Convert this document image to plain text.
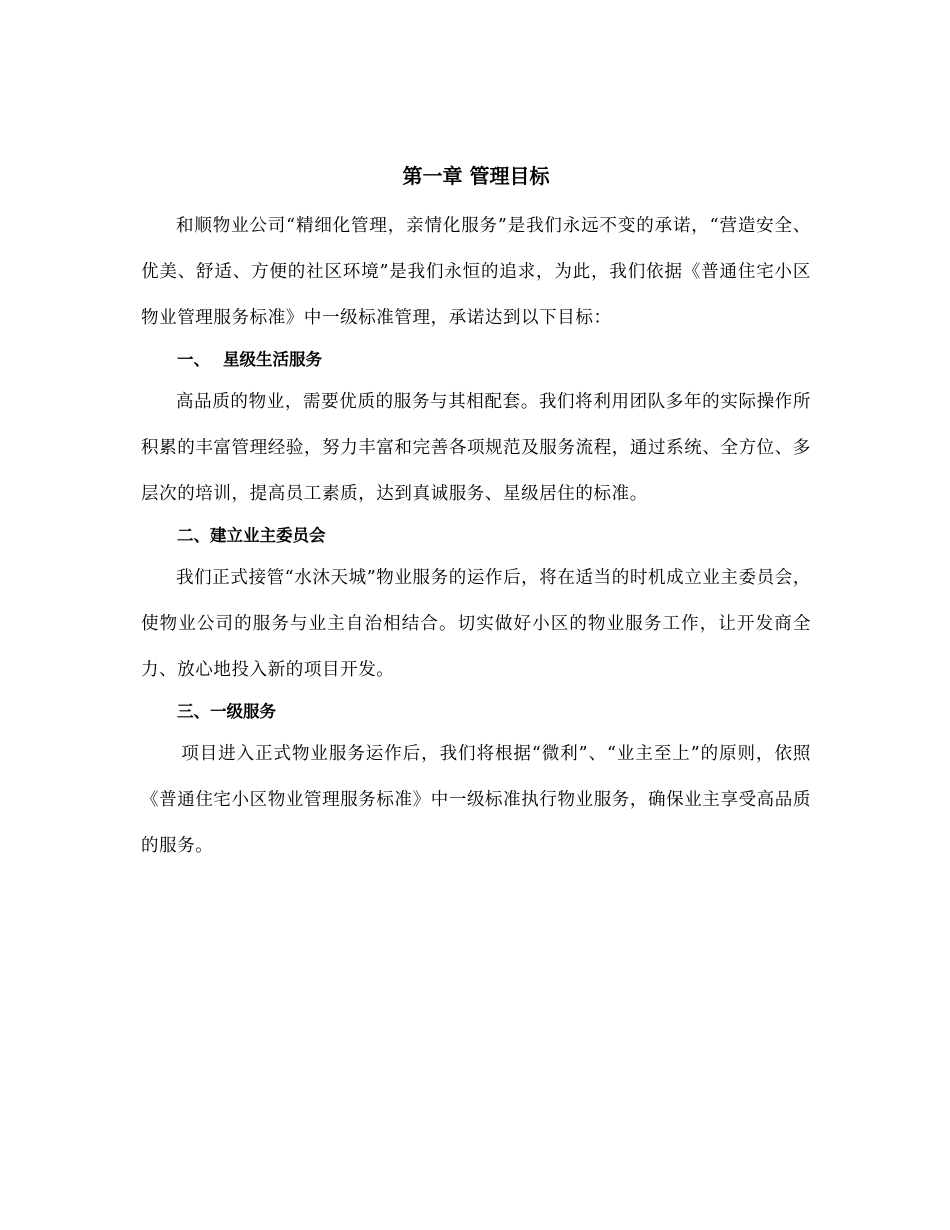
第一章 管理目标

和顺物业公司“精细化管理，亲情化服务”是我们永远不变的承诺，“营造安全、优美、舒适、方便的社区环境”是我们永恒的追求，为此，我们依据《普通住宅小区物业管理服务标准》中一级标准管理，承诺达到以下目标：

一、 星级生活服务

高品质的物业，需要优质的服务与其相配套。我们将利用团队多年的实际操作所积累的丰富管理经验，努力丰富和完善各项规范及服务流程，通过系统、全方位、多层次的培训，提高员工素质，达到真诚服务、星级居住的标准。

二、建立业主委员会

我们正式接管“水沐天城”物业服务的运作后，将在适当的时机成立业主委员会，使物业公司的服务与业主自治相结合。切实做好小区的物业服务工作，让开发商全力、放心地投入新的项目开发。

三、一级服务

项目进入正式物业服务运作后，我们将根据“微利”、“业主至上”的原则，依照《普通住宅小区物业管理服务标准》中一级标准执行物业服务，确保业主享受高品质的服务。
